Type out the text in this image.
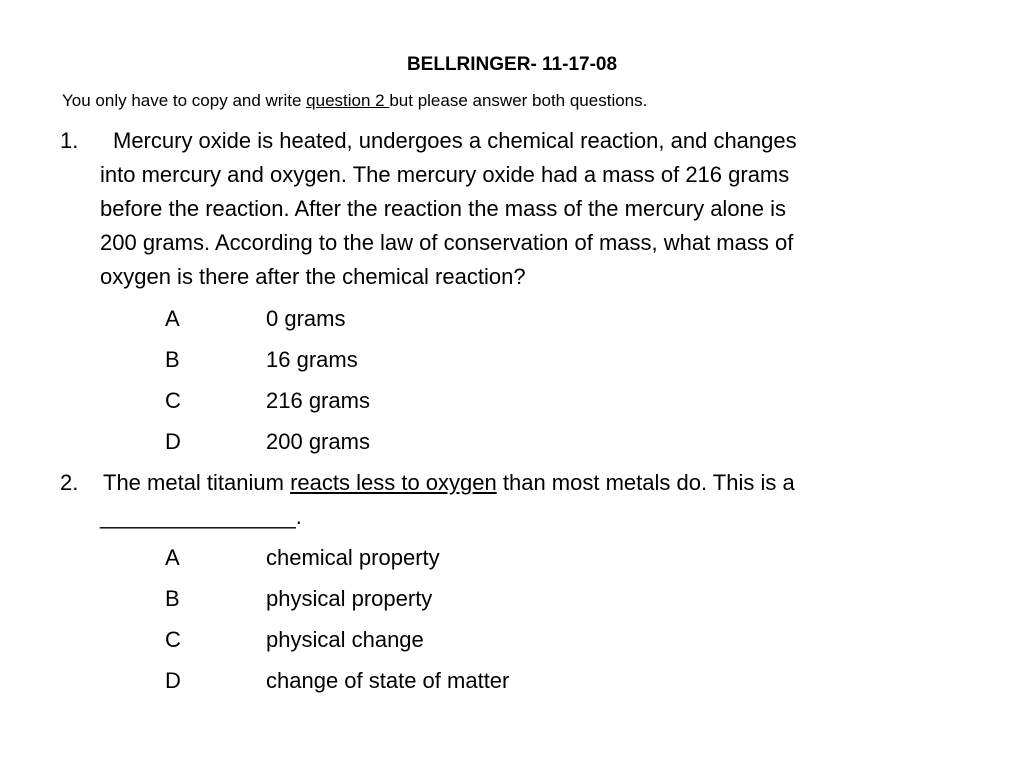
BELLRINGER- 11-17-08
You only have to copy and write question 2 but please answer both questions.
1. Mercury oxide is heated, undergoes a chemical reaction, and changes
into mercury and oxygen. The mercury oxide had a mass of 216 grams
before the reaction. After the reaction the mass of the mercury alone is
200 grams. According to the law of conservation of mass, what mass of
oxygen is there after the chemical reaction?
A	0 grams
B	16 grams
C	216 grams
D	200 grams
2. The metal titanium reacts less to oxygen than most metals do. This is a
________________.
A	chemical property
B	physical property
C	physical change
D	change of state of matter
